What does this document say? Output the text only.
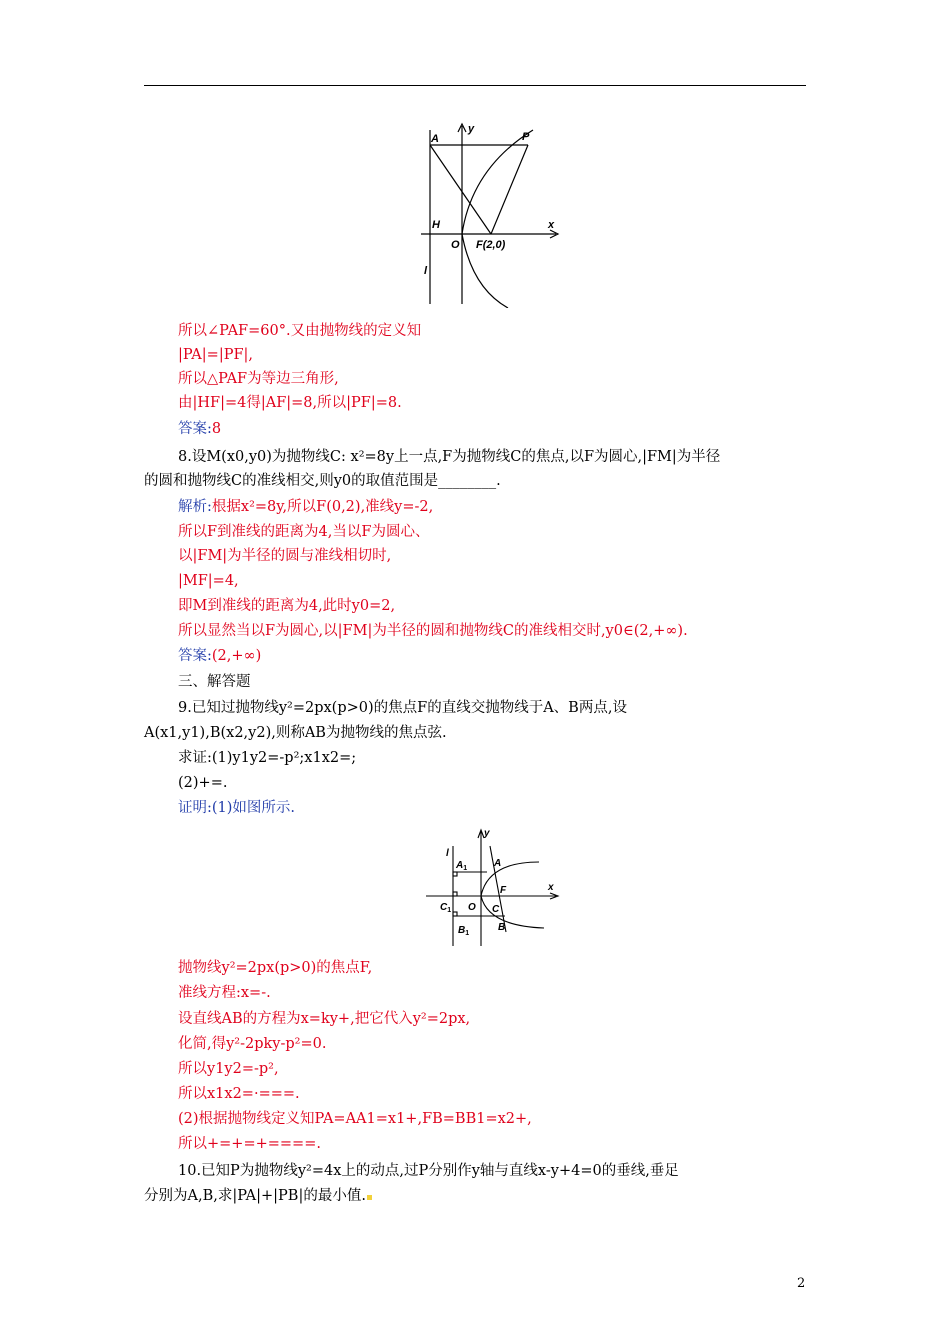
A	P
y
x
H
O F(2,0)
l
所以∠PAF=60°.又由抛物线的定义知
|PA|=|PF|,
所以△PAF为等边三角形,
由|HF|=4得|AF|=8,所以|PF|=8.
答案:8
8.设M(x0,y0)为抛物线C: x²=8y上一点,F为抛物线C的焦点,以F为圆心,|FM|为半径
的圆和抛物线C的准线相交,则y0的取值范围是________.
解析:根据x²=8y,所以F(0,2),准线y=-2,
所以F到准线的距离为4,当以F为圆心、
以|FM|为半径的圆与准线相切时,
|MF|=4,
即M到准线的距离为4,此时y0=2,
所以显然当以F为圆心,以|FM|为半径的圆和抛物线C的准线相交时,y0∈(2,+∞).
答案:(2,+∞)
三、解答题
9.已知过抛物线y²=2px(p>0)的焦点F的直线交抛物线于A、B两点,设
A(x1,y1),B(x2,y2),则称AB为抛物线的焦点弦.
求证:(1)y1y2=-p²;x1x2=;
(2)+=.
证明:(1)如图所示.
y
l
$A_1$	A
F	x
$C_1$ O C
$B_1$
B
抛物线y²=2px(p>0)的焦点F,
准线方程:x=-.
设直线AB的方程为x=ky+,把它代入y²=2px,
化简,得y²-2pky-p²=0.
所以y1y2=-p²,
所以x1x2=·===.
(2)根据抛物线定义知PA=AA1=x1+,FB=BB1=x2+,
所以+=+=+====.
10.已知P为抛物线y²=4x上的动点,过P分别作y轴与直线x-y+4=0的垂线,垂足
分别为A,B,求|PA|+|PB|的最小值.
2
